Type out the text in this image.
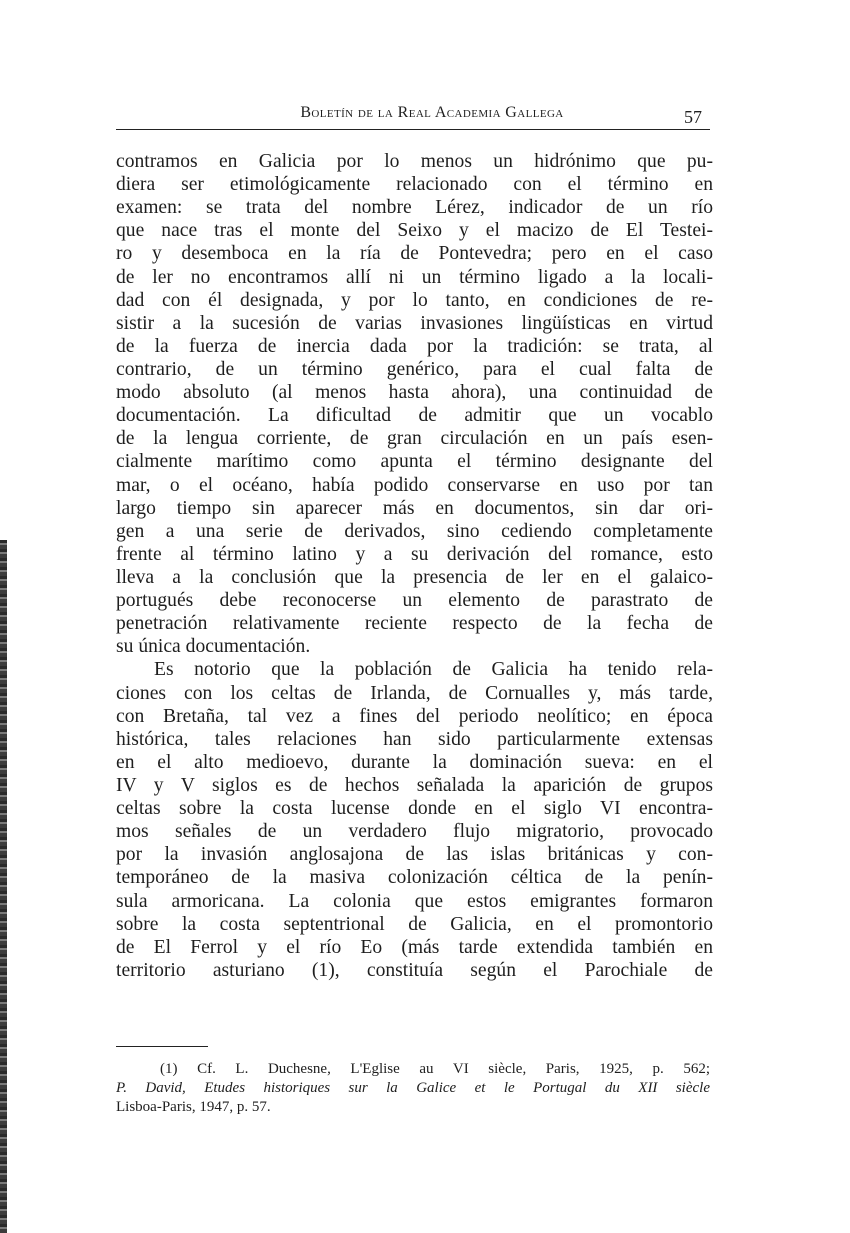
Boletín de la Real Academia Gallega	57
contramos en Galicia por lo menos un hidrónimo que pu-
diera ser etimológicamente relacionado con el término en
examen: se trata del nombre Lérez, indicador de un río
que nace tras el monte del Seixo y el macizo de El Testei-
ro y desemboca en la ría de Pontevedra; pero en el caso
de ler no encontramos allí ni un término ligado a la locali-
dad con él designada, y por lo tanto, en condiciones de re-
sistir a la sucesión de varias invasiones lingüísticas en virtud
de la fuerza de inercia dada por la tradición: se trata, al
contrario, de un término genérico, para el cual falta de
modo absoluto (al menos hasta ahora), una continuidad de
documentación. La dificultad de admitir que un vocablo
de la lengua corriente, de gran circulación en un país esen-
cialmente marítimo como apunta el término designante del
mar, o el océano, había podido conservarse en uso por tan
largo tiempo sin aparecer más en documentos, sin dar ori-
gen a una serie de derivados, sino cediendo completamente
frente al término latino y a su derivación del romance, esto
lleva a la conclusión que la presencia de ler en el galaico-
portugués debe reconocerse un elemento de parastrato de
penetración relativamente reciente respecto de la fecha de
su única documentación.
Es notorio que la población de Galicia ha tenido rela-
ciones con los celtas de Irlanda, de Cornualles y, más tarde,
con Bretaña, tal vez a fines del periodo neolítico; en época
histórica, tales relaciones han sido particularmente extensas
en el alto medioevo, durante la dominación sueva: en el
IV y V siglos es de hechos señalada la aparición de grupos
celtas sobre la costa lucense donde en el siglo VI encontra-
mos señales de un verdadero flujo migratorio, provocado
por la invasión anglosajona de las islas británicas y con-
temporáneo de la masiva colonización céltica de la penín-
sula armoricana. La colonia que estos emigrantes formaron
sobre la costa septentrional de Galicia, en el promontorio
de El Ferrol y el río Eo (más tarde extendida también en
territorio asturiano (1), constituía según el Parochiale de
(1) Cf. L. Duchesne, L'Eglise au VI siècle, Paris, 1925, p. 562;
P. David, Etudes historiques sur la Galice et le Portugal du XII siècle
Lisboa-Paris, 1947, p. 57.
